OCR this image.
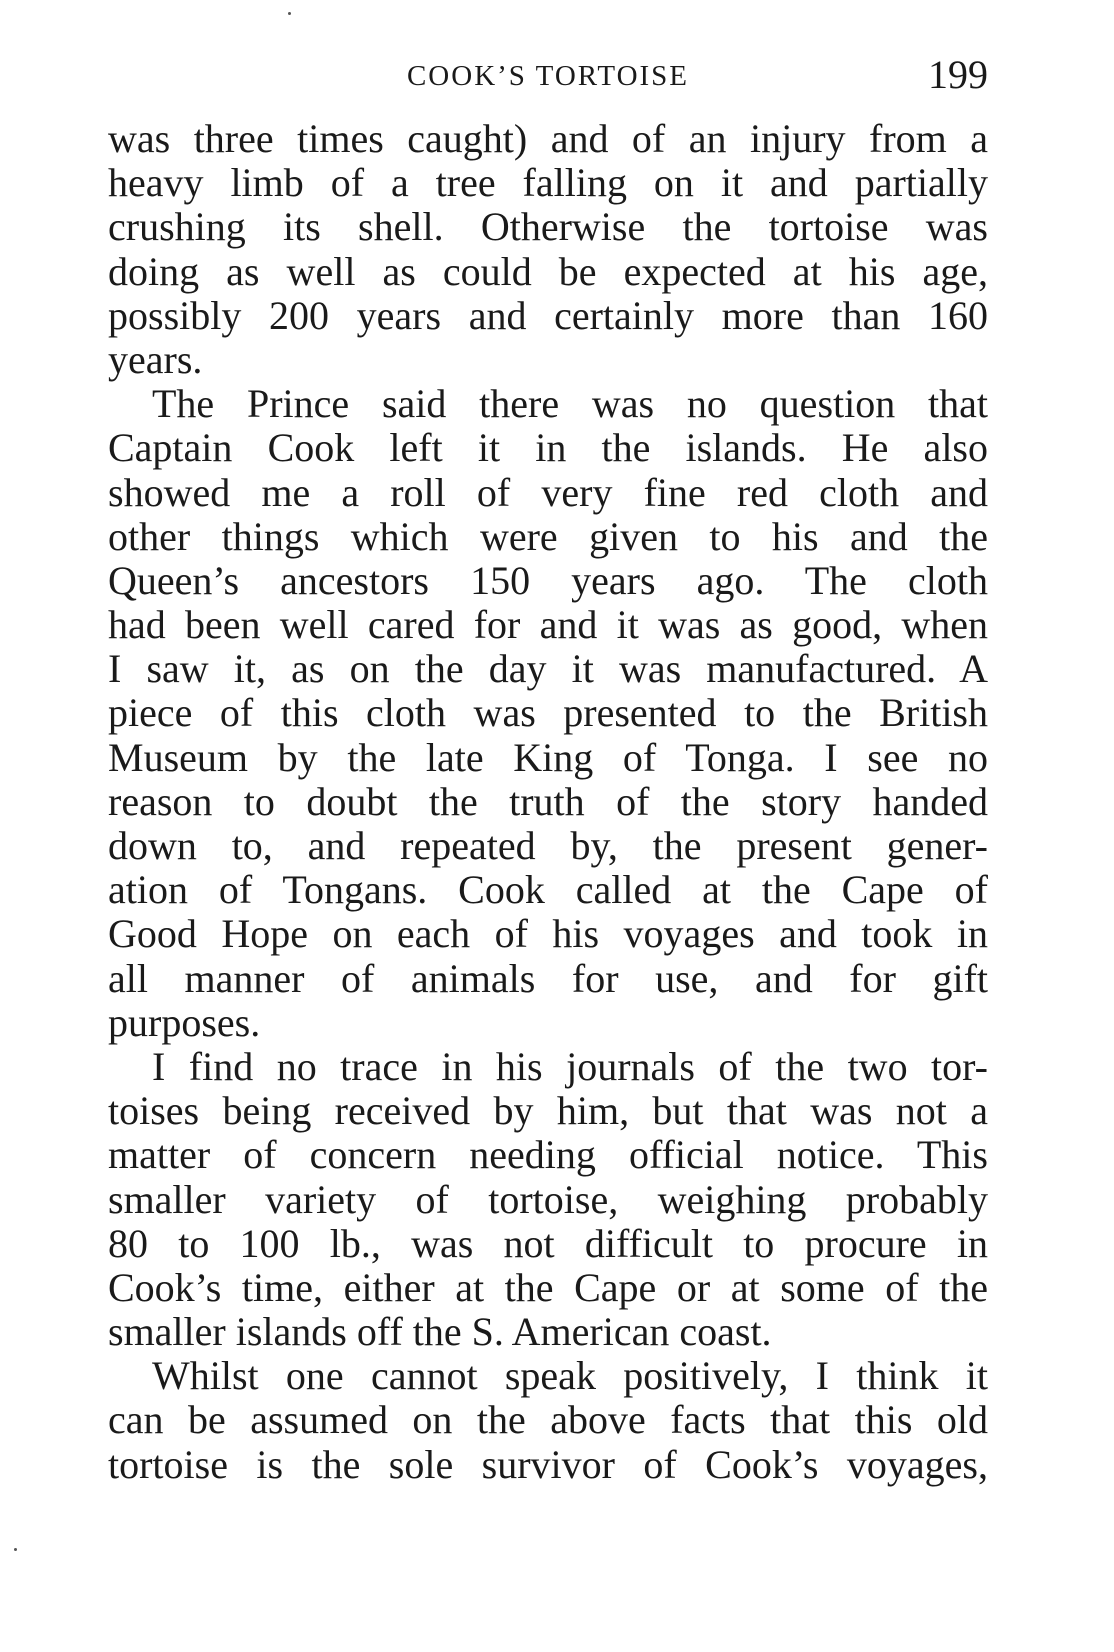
COOK’S TORTOISE	199
was three times caught) and of an injury from a
heavy limb of a tree falling on it and partially
crushing its shell. Otherwise the tortoise was
doing as well as could be expected at his age,
possibly 200 years and certainly more than 160
years.
The Prince said there was no question that
Captain Cook left it in the islands. He also
showed me a roll of very fine red cloth and
other things which were given to his and the
Queen’s ancestors 150 years ago. The cloth
had been well cared for and it was as good, when
I saw it, as on the day it was manufactured. A
piece of this cloth was presented to the British
Museum by the late King of Tonga. I see no
reason to doubt the truth of the story handed
down to, and repeated by, the present gener-
ation of Tongans. Cook called at the Cape of
Good Hope on each of his voyages and took in
all manner of animals for use, and for gift
purposes.
I find no trace in his journals of the two tor-
toises being received by him, but that was not a
matter of concern needing official notice. This
smaller variety of tortoise, weighing probably
80 to 100 lb., was not difficult to procure in
Cook’s time, either at the Cape or at some of the
smaller islands off the S. American coast.
Whilst one cannot speak positively, I think it
can be assumed on the above facts that this old
tortoise is the sole survivor of Cook’s voyages,
